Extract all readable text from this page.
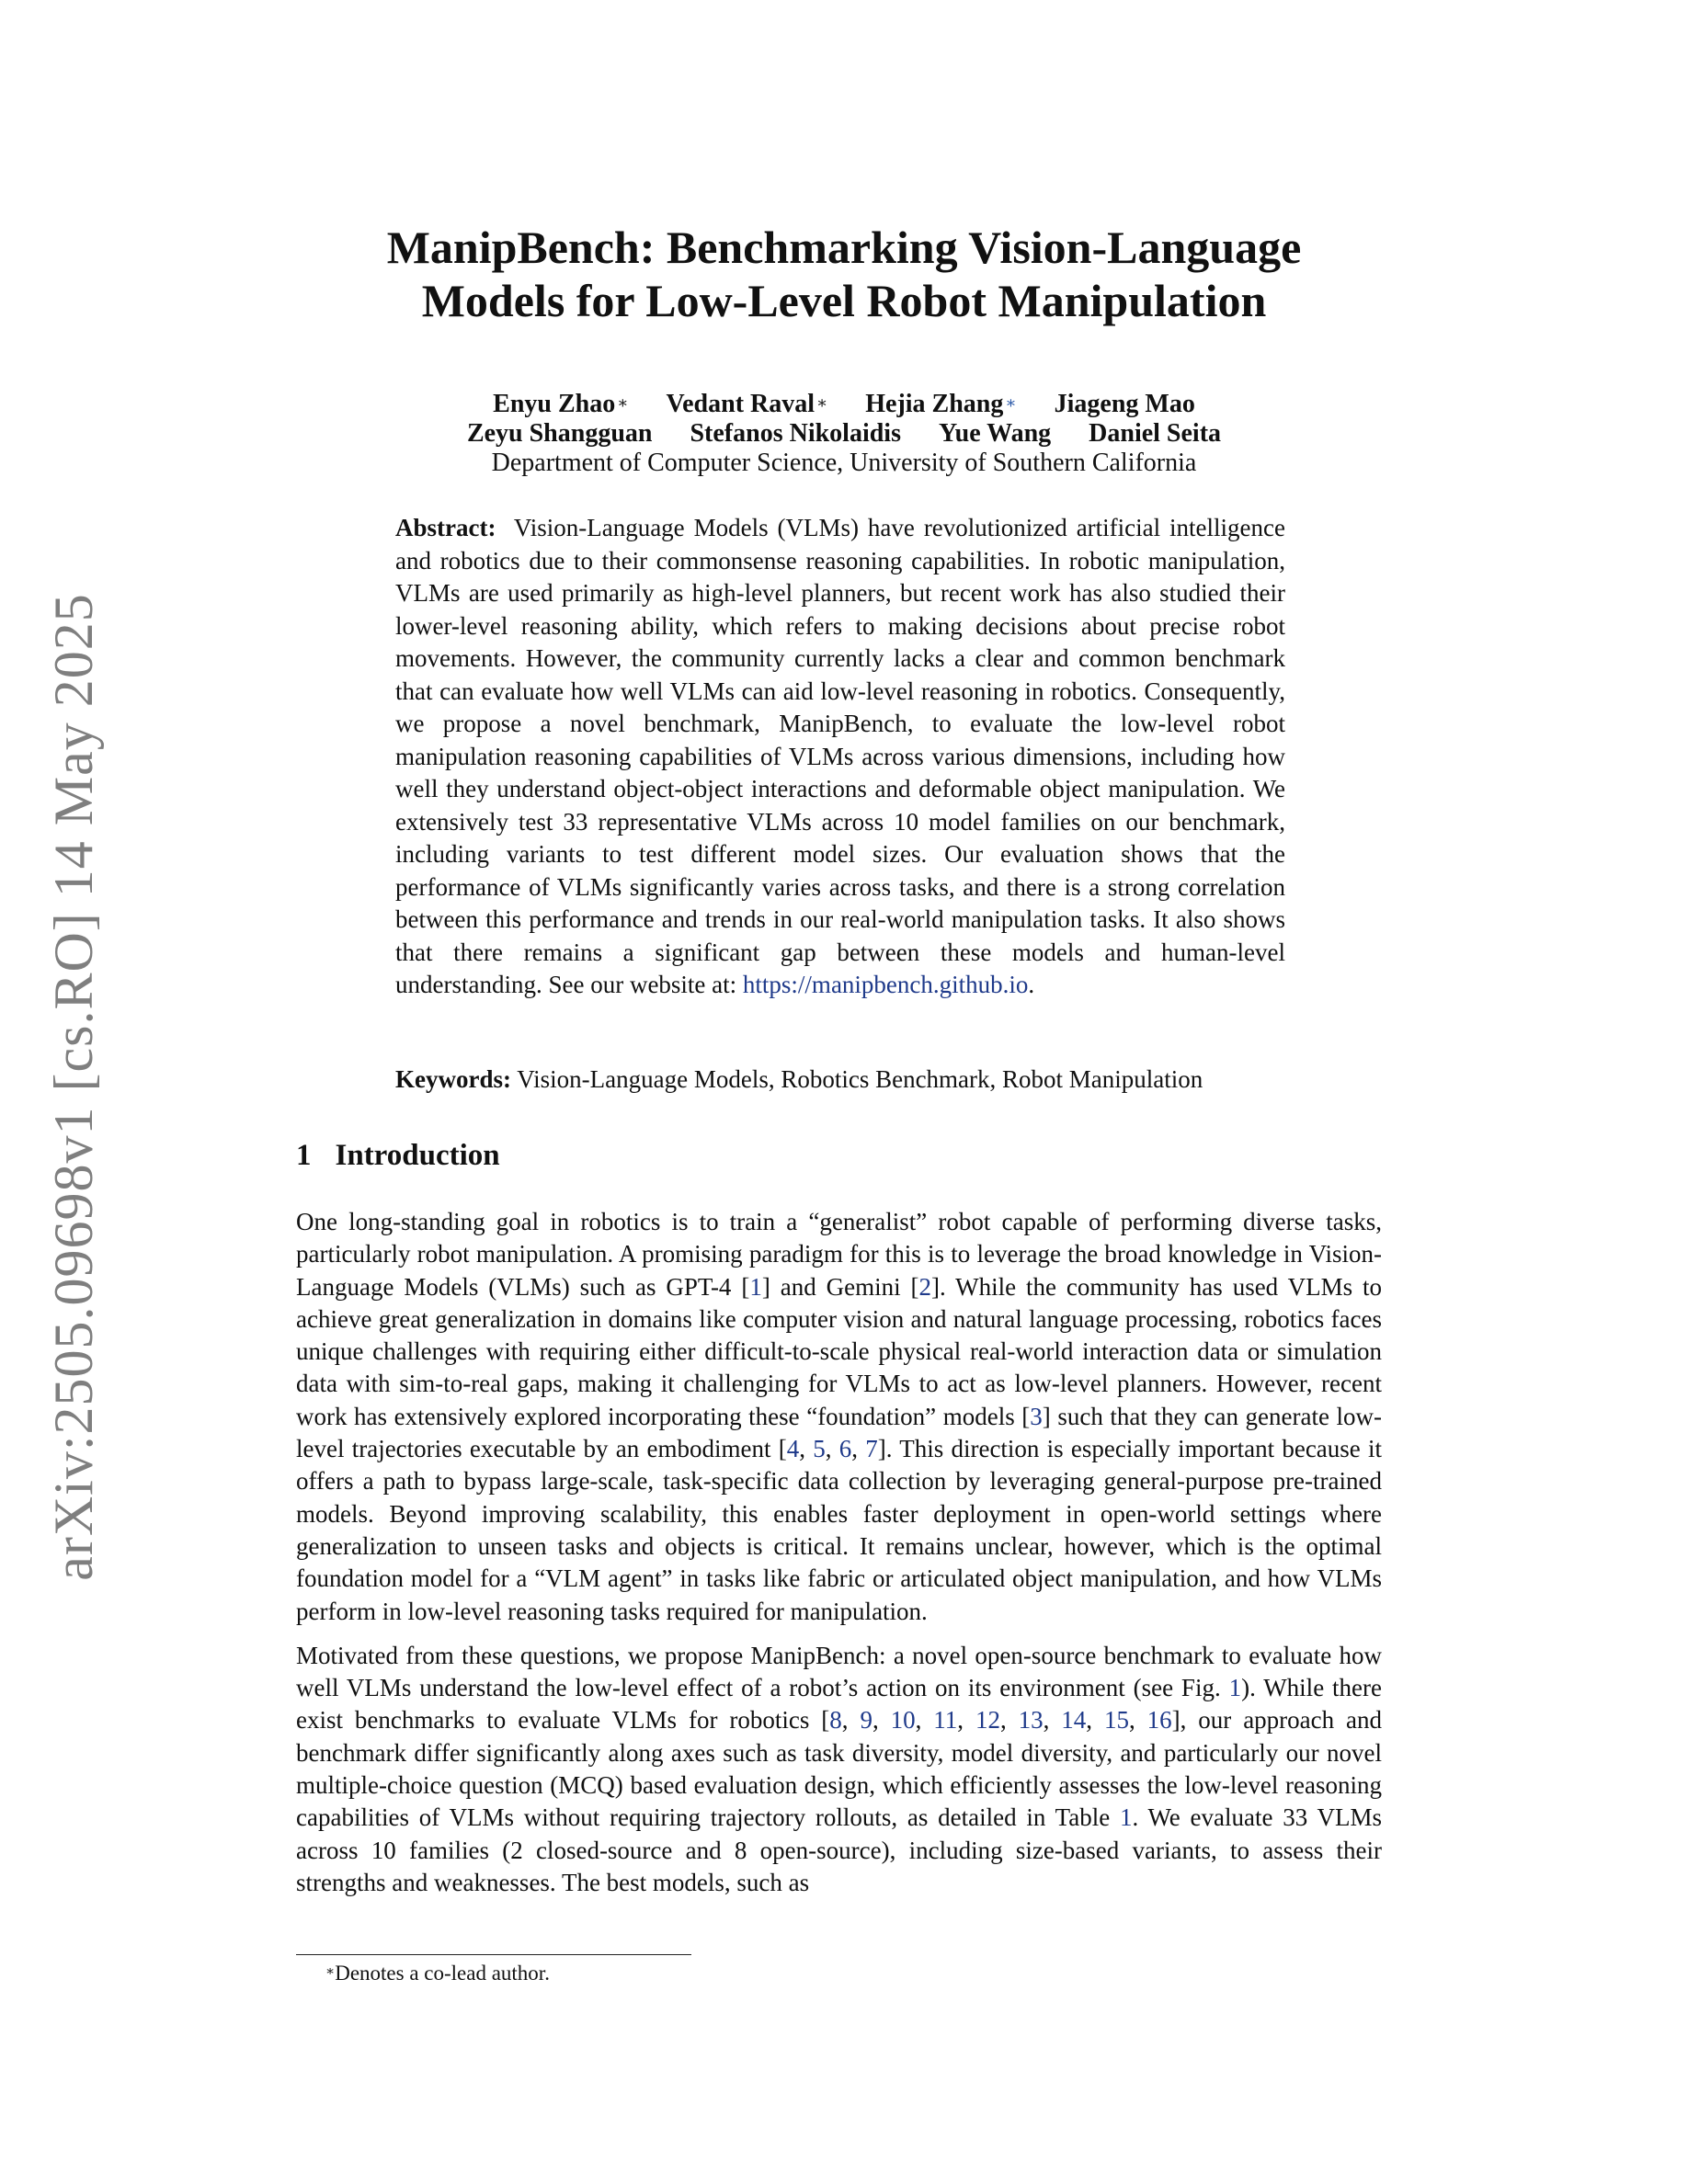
arXiv:2505.09698v1 [cs.RO] 14 May 2025
ManipBench: Benchmarking Vision-Language
Models for Low-Level Robot Manipulation
Enyu Zhao ∗ Vedant Raval ∗ Hejia Zhang ∗ Jiageng Mao
Zeyu Shangguan Stefanos Nikolaidis Yue Wang Daniel Seita
Department of Computer Science, University of Southern California
Abstract: Vision-Language Models (VLMs) have revolutionized artificial intelligence and robotics due to their commonsense reasoning capabilities. In robotic manipulation, VLMs are used primarily as high-level planners, but recent work has also studied their lower-level reasoning ability, which refers to making decisions about precise robot movements. However, the community currently lacks a clear and common benchmark that can evaluate how well VLMs can aid low-level reasoning in robotics. Consequently, we propose a novel benchmark, ManipBench, to evaluate the low-level robot manipulation reasoning capabilities of VLMs across various dimensions, including how well they understand object-object interactions and deformable object manipulation. We extensively test 33 representative VLMs across 10 model families on our benchmark, including variants to test different model sizes. Our evaluation shows that the performance of VLMs significantly varies across tasks, and there is a strong correlation between this performance and trends in our real-world manipulation tasks. It also shows that there remains a significant gap between these models and human-level understanding. See our website at: https://manipbench.github.io.
Keywords: Vision-Language Models, Robotics Benchmark, Robot Manipulation
1 Introduction

One long-standing goal in robotics is to train a “generalist” robot capable of performing diverse tasks, particularly robot manipulation. A promising paradigm for this is to leverage the broad knowledge in Vision-Language Models (VLMs) such as GPT-4 [1] and Gemini [2]. While the community has used VLMs to achieve great generalization in domains like computer vision and natural language processing, robotics faces unique challenges with requiring either difficult-to-scale physical real-world interaction data or simulation data with sim-to-real gaps, making it challenging for VLMs to act as low-level planners. However, recent work has extensively explored incorporating these “foundation” models [3] such that they can generate low-level trajectories executable by an embodiment [4, 5, 6, 7]. This direction is especially important because it offers a path to bypass large-scale, task-specific data collection by leveraging general-purpose pre-trained models. Beyond improving scalability, this enables faster deployment in open-world settings where generalization to unseen tasks and objects is critical. It remains unclear, however, which is the optimal foundation model for a “VLM agent” in tasks like fabric or articulated object manipulation, and how VLMs perform in low-level reasoning tasks required for manipulation.

Motivated from these questions, we propose ManipBench: a novel open-source benchmark to evaluate how well VLMs understand the low-level effect of a robot’s action on its environment (see Fig. 1). While there exist benchmarks to evaluate VLMs for robotics [8, 9, 10, 11, 12, 13, 14, 15, 16], our approach and benchmark differ significantly along axes such as task diversity, model diversity, and particularly our novel multiple-choice question (MCQ) based evaluation design, which efficiently assesses the low-level reasoning capabilities of VLMs without requiring trajectory rollouts, as detailed in Table 1. We evaluate 33 VLMs across 10 families (2 closed-source and 8 open-source), including size-based variants, to assess their strengths and weaknesses. The best models, such as

∗Denotes a co-lead author.
